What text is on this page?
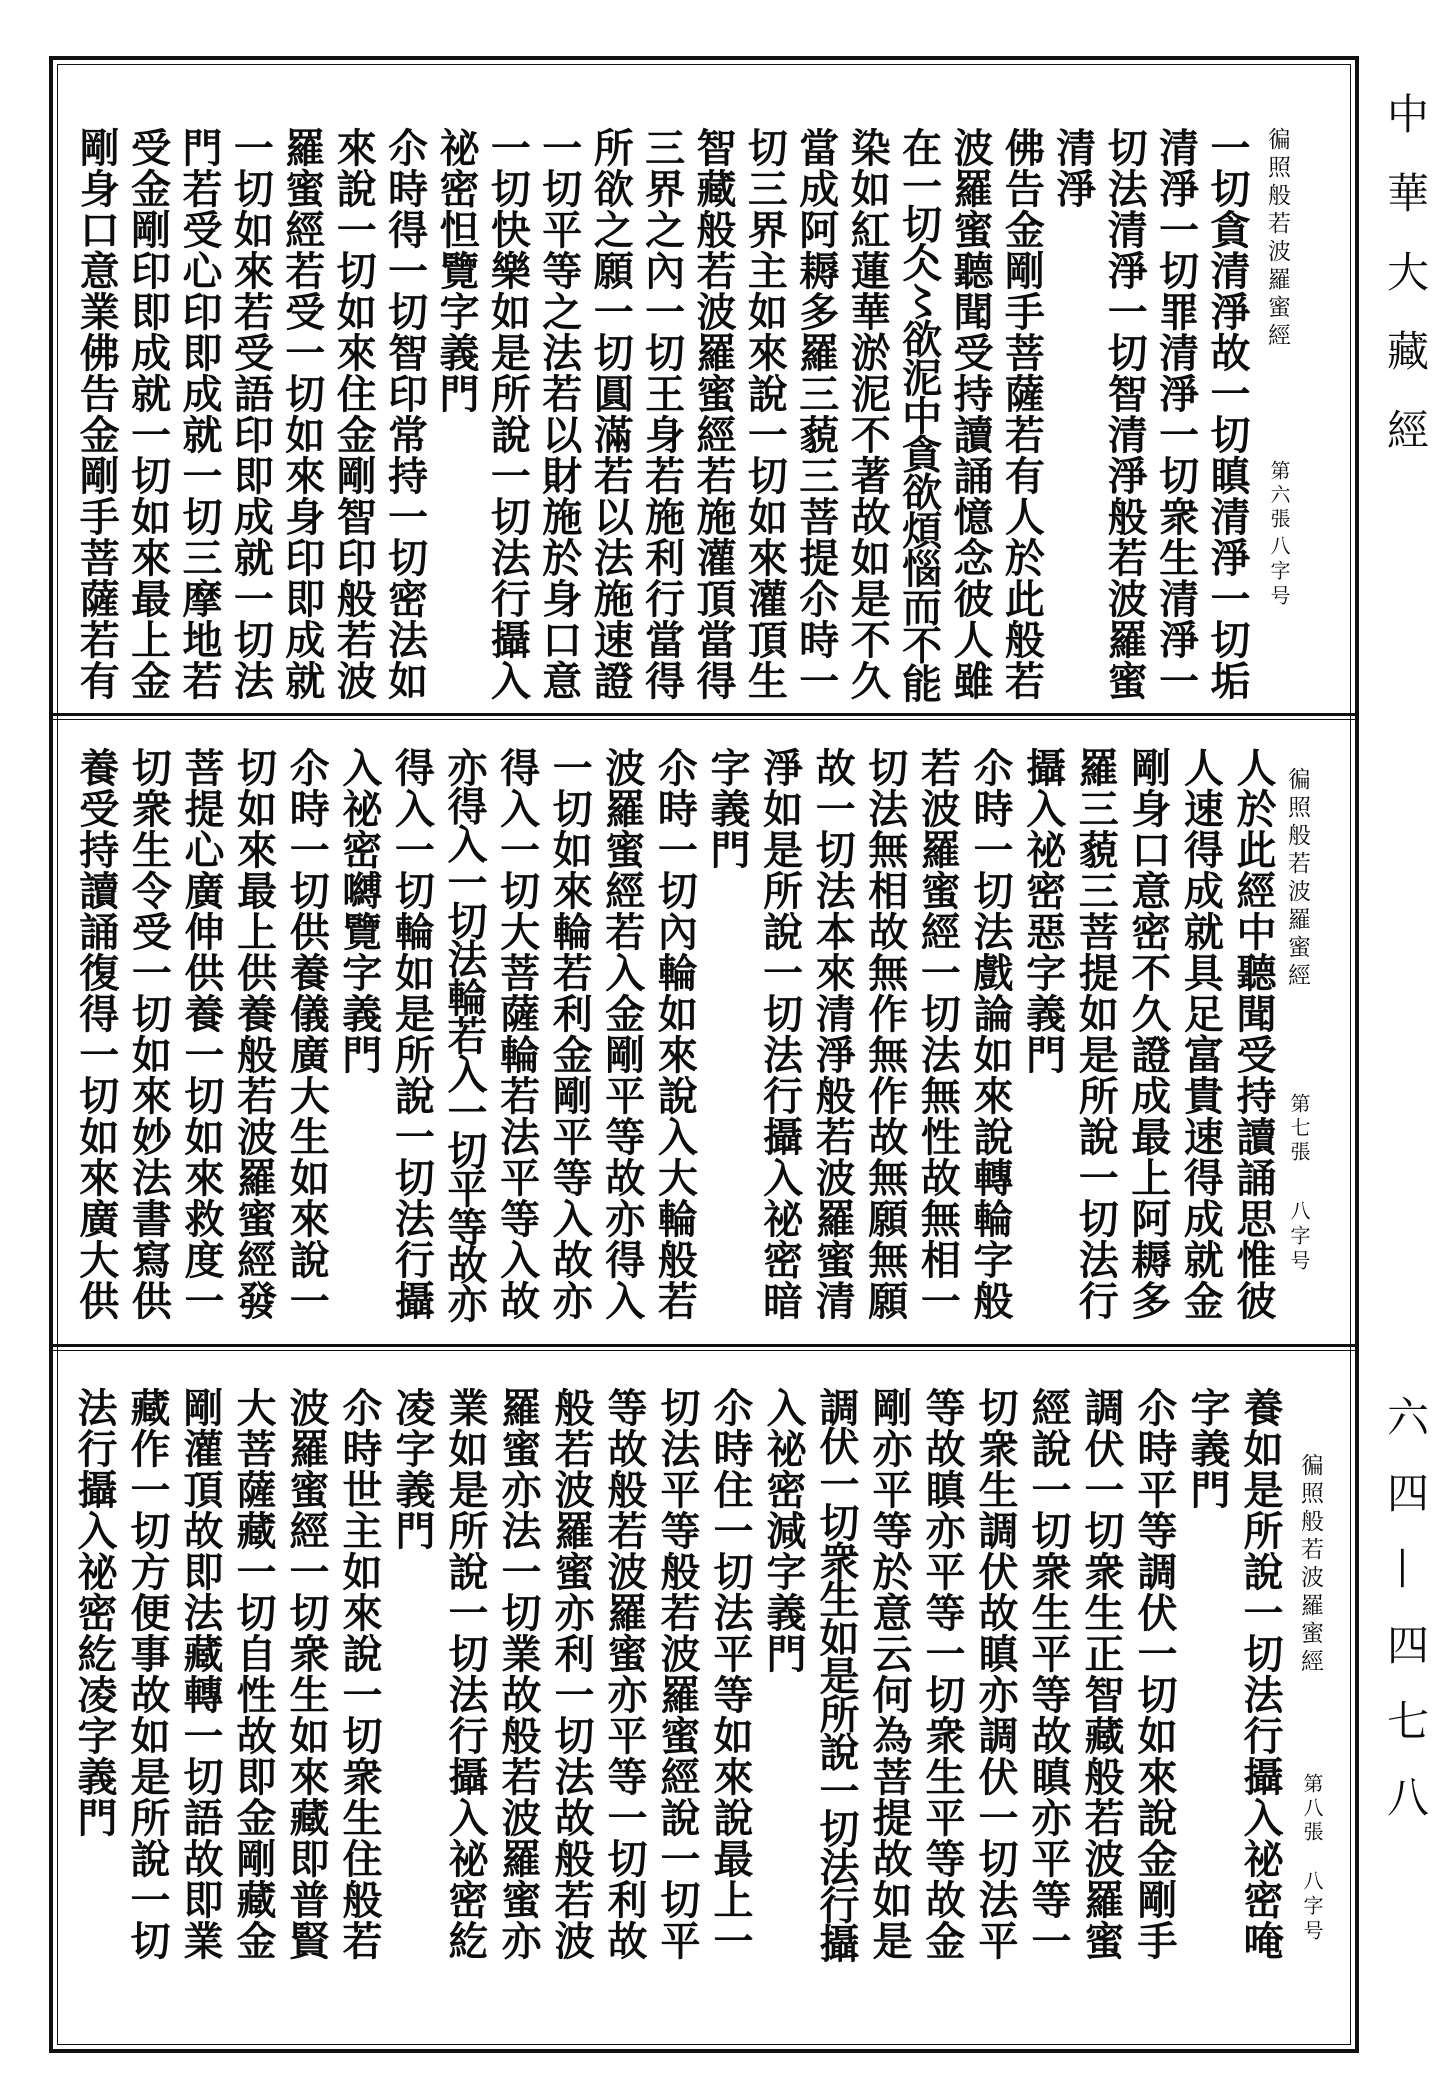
徧照般若波羅蜜經
第六張
八字号
徧照般若波羅蜜經
第七張
八字号
徧照般若波羅蜜經
第八張
八字号
中華大藏經
六四—四七八
一切貪清淨故一切瞋清淨一切垢
清淨一切罪清淨一切衆生清淨一
切法清淨一切智清淨般若波羅蜜
清淨
佛告金剛手菩薩若有人於此般若
波羅蜜聽聞受持讀誦憶念彼人雖
在一切仌〻欲泥中貪欲煩惱而不能
染如紅蓮華淤泥不著故如是不久
當成阿耨多羅三藐三菩提尒時一
切三界主如來說一切如來灌頂生
智藏般若波羅蜜經若施灌頂當得
三界之內一切王身若施利行當得
所欲之願一切圓滿若以法施速證
一切平等之法若以財施於身口意
一切快樂如是所說一切法行攝入
祕密怛覽字義門
尒時得一切智印常持一切密法如
來說一切如來住金剛智印般若波
羅蜜經若受一切如來身印即成就
一切如來若受語印即成就一切法
門若受心印即成就一切三摩地若
受金剛印即成就一切如來最上金
剛身口意業佛告金剛手菩薩若有
人於此經中聽聞受持讀誦思惟彼
人速得成就具足富貴速得成就金
剛身口意密不久證成最上阿耨多
羅三藐三菩提如是所說一切法行
攝入祕密惡字義門
尒時一切法戲論如來說轉輪字般
若波羅蜜經一切法無性故無相一
切法無相故無作無作故無願無願
故一切法本來清淨般若波羅蜜清
淨如是所說一切法行攝入祕密暗
字義門
尒時一切內輪如來說入大輪般若
波羅蜜經若入金剛平等故亦得入
一切如來輪若利金剛平等入故亦
得入一切大菩薩輪若法平等入故
亦得入一切法輪若入一切平等故亦
得入一切輪如是所說一切法行攝
入祕密嚩覽字義門
尒時一切供養儀廣大生如來說一
切如來最上供養般若波羅蜜經發
菩提心廣伸供養一切如來救度一
切衆生令受一切如來妙法書寫供
養受持讀誦復得一切如來廣大供
養如是所說一切法行攝入祕密唵
字義門
尒時平等調伏一切如來說金剛手
調伏一切衆生正智藏般若波羅蜜
經說一切衆生平等故瞋亦平等一
切衆生調伏故瞋亦調伏一切法平
等故瞋亦平等一切衆生平等故金
剛亦平等於意云何為菩提故如是
調伏一切衆生如是所說一切法行攝
入祕密減字義門
尒時住一切法平等如來說最上一
切法平等般若波羅蜜經說一切平
等故般若波羅蜜亦平等一切利故
般若波羅蜜亦利一切法故般若波
羅蜜亦法一切業故般若波羅蜜亦
業如是所說一切法行攝入祕密紇
凌字義門
尒時世主如來說一切衆生住般若
波羅蜜經一切衆生如來藏即普賢
大菩薩藏一切自性故即金剛藏金
剛灌頂故即法藏轉一切語故即業
藏作一切方便事故如是所說一切
法行攝入祕密紇凌字義門
